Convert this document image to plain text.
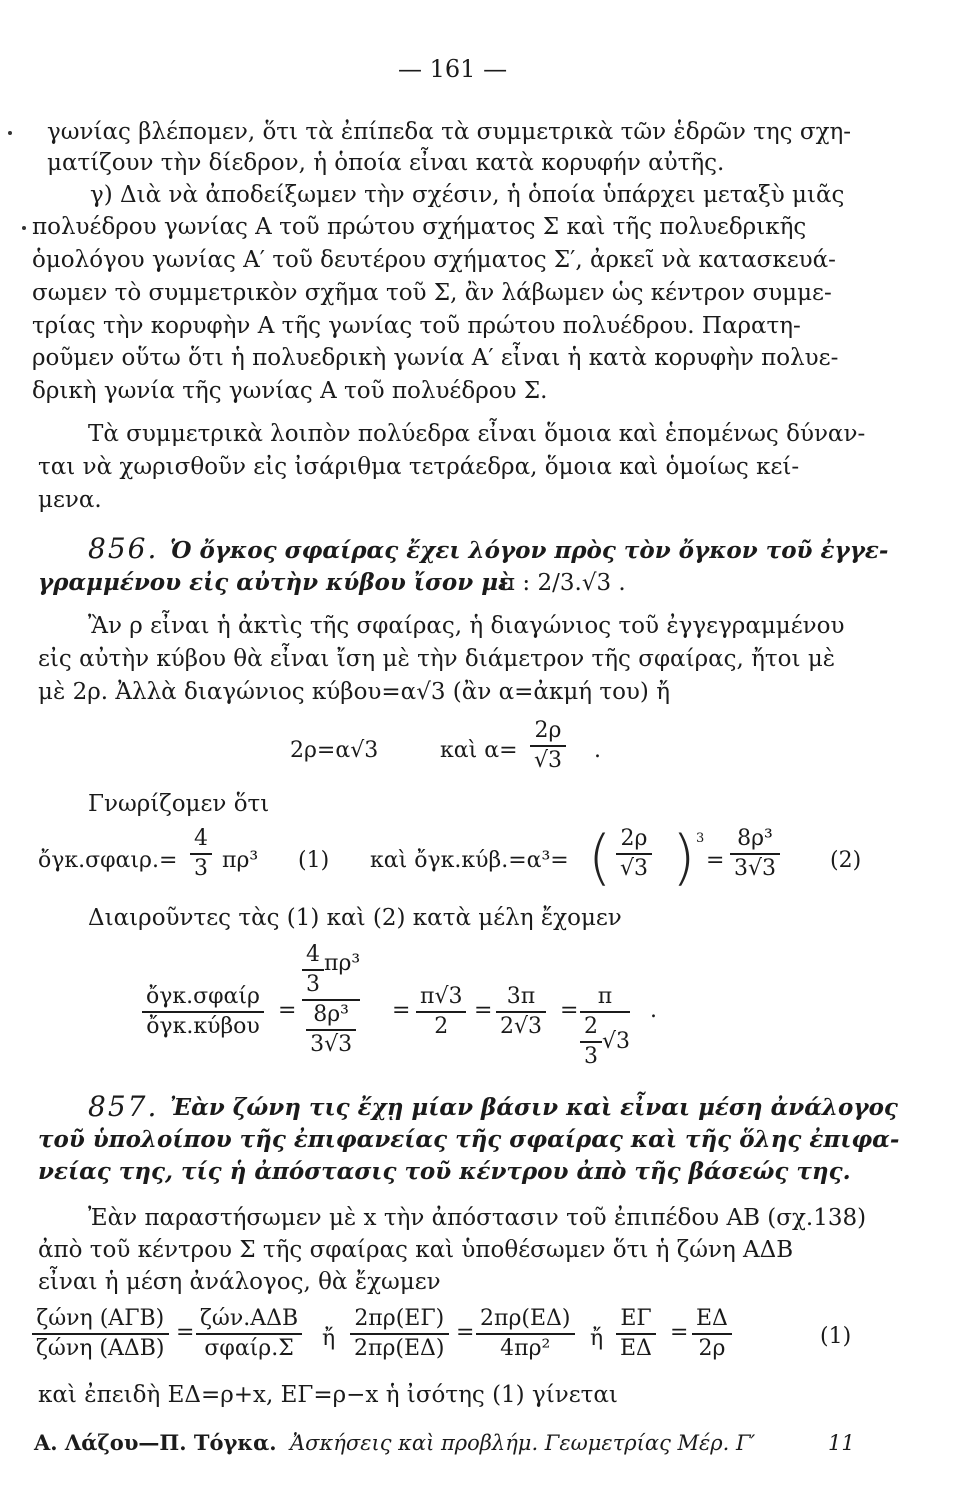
— 161 —
γωνίας βλέπομεν, ὅτι τὰ ἐπίπεδα τὰ συμμετρικὰ τῶν ἑδρῶν της σχη-
ματίζουν τὴν δίεδρον, ἡ ὁποία εἶναι κατὰ κορυφήν αὐτῆς.
γ) Διὰ νὰ ἀποδείξωμεν τὴν σχέσιν, ἡ ὁποία ὑπάρχει μεταξὺ μιᾶς
πολυέδρου γωνίας Α τοῦ πρώτου σχήματος Σ καὶ τῆς πολυεδρικῆς
ὁμολόγου γωνίας Α′ τοῦ δευτέρου σχήματος Σ′, ἀρκεῖ νὰ κατασκευά-
σωμεν τὸ συμμετρικὸν σχῆμα τοῦ Σ, ἂν λάβωμεν ὡς κέντρον συμμε-
τρίας τὴν κορυφὴν Α τῆς γωνίας τοῦ πρώτου πολυέδρου. Παρατη-
ροῦμεν οὕτω ὅτι ἡ πολυεδρικὴ γωνία Α′ εἶναι ἡ κατὰ κορυφὴν πολυε-
δρικὴ γωνία τῆς γωνίας Α τοῦ πολυέδρου Σ.
Τὰ συμμετρικὰ λοιπὸν πολύεδρα εἶναι ὅμοια καὶ ἑπομένως δύναν-
ται νὰ χωρισθοῦν εἰς ἰσάριθμα τετράεδρα, ὅμοια καὶ ὁμοίως κεί-
μενα.
856. Ὁ ὄγκος σφαίρας ἔχει λόγον πρὸς τὸν ὄγκον τοῦ ἐγγε-
γραμμένου εἰς αὐτὴν κύβου ἴσον μὲ
π : 2/3.√3 .
Ἂν ρ εἶναι ἡ ἀκτὶς τῆς σφαίρας, ἡ διαγώνιος τοῦ ἐγγεγραμμένου
εἰς αὐτὴν κύβου θὰ εἶναι ἴση μὲ τὴν διάμετρον τῆς σφαίρας, ἤτοι μὲ
μὲ 2ρ. Ἀλλὰ διαγώνιος κύβου=α√3 (ἂν α=ἀκμή του) ἤ
2ρ=α√3	καὶ α=
2ρ
√3 .
Γνωρίζομεν ὅτι
ὄγκ.σφαιρ.=
4
3 πρ³ (1) καὶ ὄγκ.κύβ.=α³= ( 2ρ
√3 ) 3
=
8ρ³
3√3 (2)
Διαιροῦντες τὰς (1) καὶ (2) κατὰ μέλη ἔχομεν
ὄγκ.σφαίρ
ὄγκ.κύβου
=
4
3
πρ³
8ρ³
3√3
=
π√3
2
=
3π
2√3
=
π
2
3
√3
.
857. Ἐὰν ζώνη τις ἔχῃ μίαν βάσιν καὶ εἶναι μέση ἀνάλογος
τοῦ ὑπολοίπου τῆς ἐπιφανείας τῆς σφαίρας καὶ τῆς ὅλης ἐπιφα-
νείας της, τίς ἡ ἀπόστασις τοῦ κέντρου ἀπὸ τῆς βάσεώς της.
Ἐὰν παραστήσωμεν μὲ x τὴν ἀπόστασιν τοῦ ἐπιπέδου ΑΒ (σχ.138)
ἀπὸ τοῦ κέντρου Σ τῆς σφαίρας καὶ ὑποθέσωμεν ὅτι ἡ ζώνη ΑΔΒ
εἶναι ἡ μέση ἀνάλογος, θὰ ἔχωμεν
ζώνη (ΑΓΒ)
ζώνη (ΑΔΒ)
=
ζών.ΑΔΒ
σφαίρ.Σ ἤ
2πρ(ΕΓ)
2πρ(ΕΔ)
=
2πρ(ΕΔ)
4πρ² ἤ
ΕΓ
ΕΔ
=
ΕΔ
2ρ	(1)
καὶ ἐπειδὴ ΕΔ=ρ+x, ΕΓ=ρ−x ἡ ἰσότης (1) γίνεται
Α. Λάζου—Π. Τόγκα. Ἀσκήσεις καὶ προβλήμ. Γεωμετρίας Μέρ. Γ′	11
